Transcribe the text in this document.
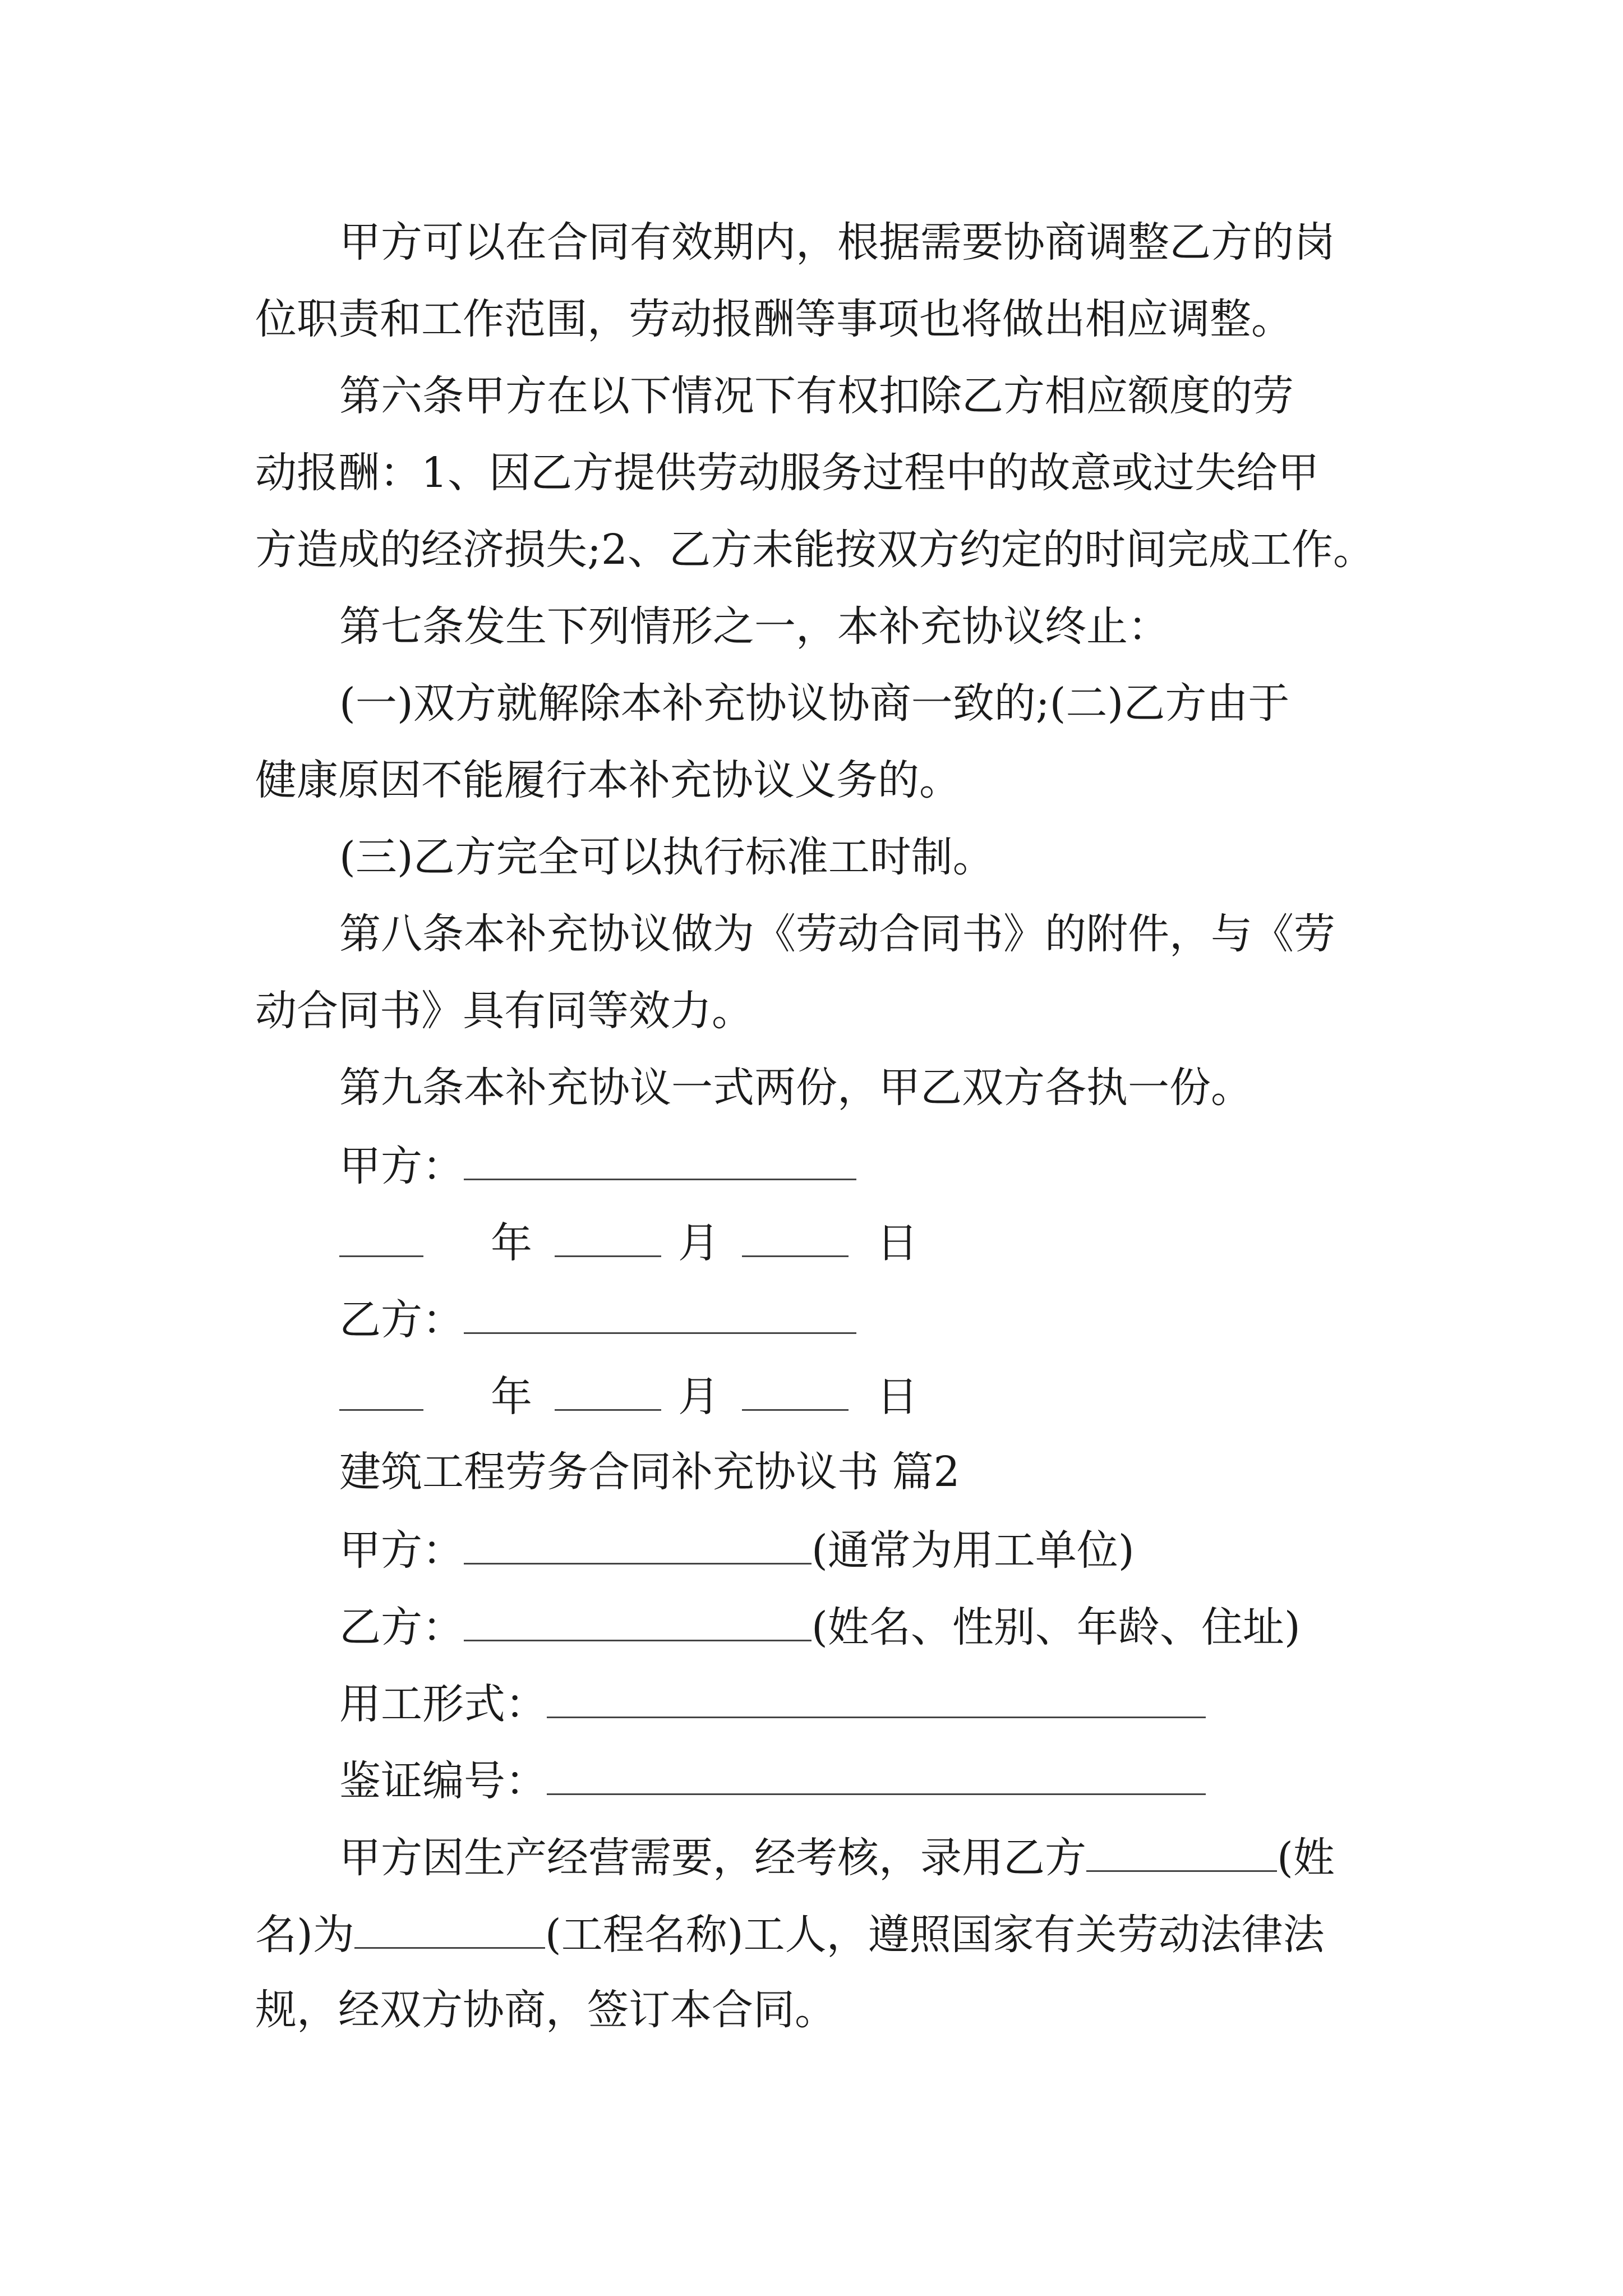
甲方可以在合同有效期内，根据需要协商调整乙方的岗
位职责和工作范围，劳动报酬等事项也将做出相应调整。
第六条甲方在以下情况下有权扣除乙方相应额度的劳
动报酬：1、因乙方提供劳动服务过程中的故意或过失给甲
方造成的经济损失;2、乙方未能按双方约定的时间完成工作。
第七条发生下列情形之一，本补充协议终止：
(一)双方就解除本补充协议协商一致的;(二)乙方由于
健康原因不能履行本补充协议义务的。
(三)乙方完全可以执行标准工时制。
第八条本补充协议做为《劳动合同书》的附件，与《劳
动合同书》具有同等效力。
第九条本补充协议一式两份，甲乙双方各执一份。
甲方：
年	月	日
乙方：
年	月	日
建筑工程劳务合同补充协议书 篇2
甲方：	(通常为用工单位)
乙方：	(姓名、性别、年龄、住址)
用工形式：
鉴证编号：
甲方因生产经营需要，经考核，录用乙方	(姓
名)为	(工程名称)工人，遵照国家有关劳动法律法
规，经双方协商，签订本合同。
